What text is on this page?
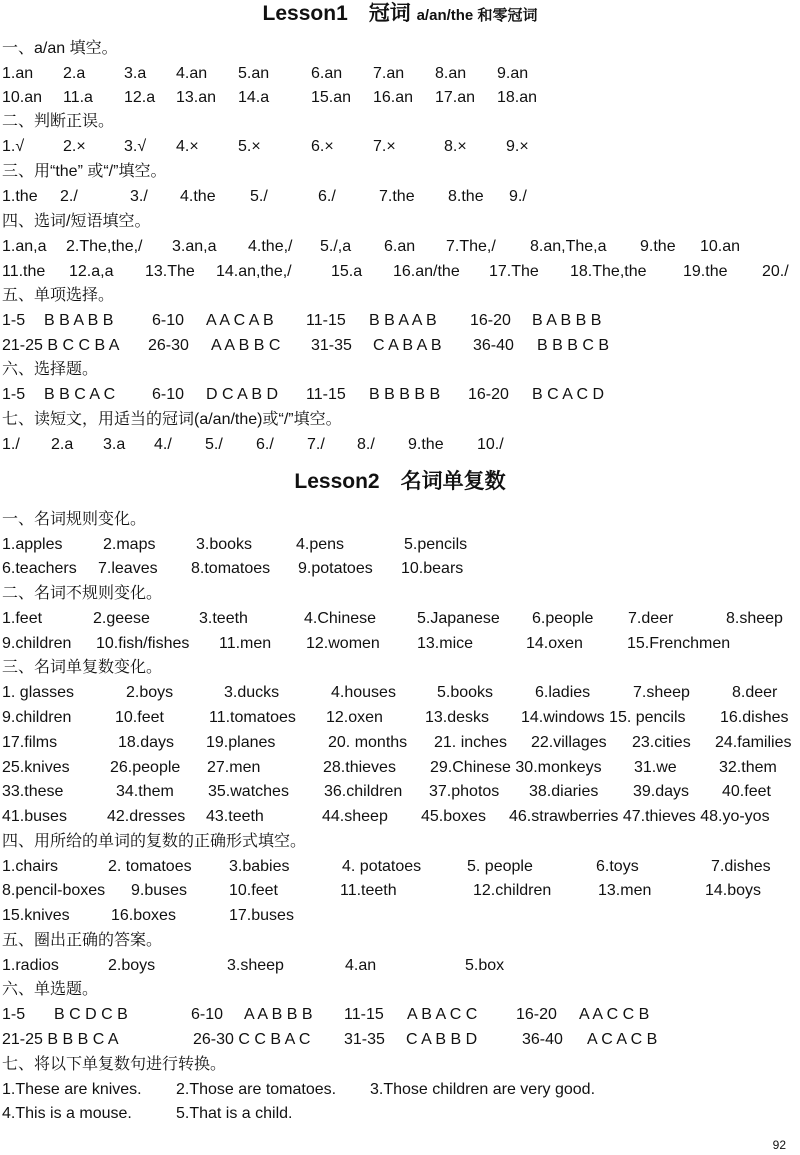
Lesson1　冠词 a/an/the 和零冠词
一、a/an 填空。
1.an 2.a 3.a 4.an 5.an	6.an 7.an 8.an 9.an
10.an 11.a 12.a 13.an 14.a	15.an 16.an 17.an 18.an
二、判断正误。
1.√ 2.× 3.√ 4.× 5.×	6.× 7.×	8.× 9.×
三、用“the” 或“/”填空。
1.the 2./	3./ 4.the 5./	6./	7.the 8.the 9./
四、选词/短语填空。
1.an,a 2.The,the,/ 3.an,a 4.the,/ 5./,a 6.an 7.The,/ 8.an,The,a 9.the 10.an
11.the 12.a,a 13.The 14.an,the,/ 15.a 16.an/the 17.The 18.The,the 19.the 20./
五、单项选择。
1-5 B B A B B 6-10 A A C A B 11-15 B B A A B 16-20 B A B B B
21-25 B C C B A 26-30 A A B B C 31-35 C A B A B 36-40 B B B C B
六、选择题。
1-5 B B C A C 6-10 D C A B D 11-15 B B B B B 16-20 B C A C D
七、读短文，用适当的冠词(a/an/the)或“/”填空。
1./ 2.a 3.a 4./ 5./ 6./ 7./ 8./ 9.the 10./
Lesson2　名词单复数
一、名词规则变化。
1.apples	2.maps	3.books	4.pens	5.pencils
6.teachers 7.leaves 8.tomatoes 9.potatoes 10.bears
二、名词不规则变化。
1.feet	2.geese	3.teeth	4.Chinese	5.Japanese 6.people 7.deer	8.sheep
9.children 10.fish/fishes 11.men 12.women 13.mice	14.oxen	15.Frenchmen
三、名词单复数变化。
1. glasses	2.boys	3.ducks	4.houses	5.books	6.ladies	7.sheep	8.deer
9.children	10.feet	11.tomatoes 12.oxen	13.desks 14.windows 15. pencils 16.dishes
17.films	18.days 19.planes	20. months 21. inches 22.villages 23.cities 24.families
25.knives	26.people 27.men	28.thieves 29.Chinese 30.monkeys 31.we	32.them
33.these	34.them 35.watches 36.children 37.photos 38.diaries 39.days 40.feet
41.buses	42.dresses 43.teeth	44.sheep 45.boxes 46.strawberries 47.thieves 48.yo-yos
四、用所给的单词的复数的正确形式填空。
1.chairs	2. tomatoes 3.babies	4. potatoes	5. people	6.toys	7.dishes
8.pencil-boxes 9.buses	10.feet	11.teeth	12.children	13.men	14.boys
15.knives	16.boxes	17.buses
五、圈出正确的答案。
1.radios	2.boys	3.sheep	4.an	5.box
六、单选题。
1-5 B C D C B	6-10 A A B B B 11-15 A B A C C 16-20 A A C C B
21-25 B B B C A	26-30 C C B A C 31-35 C A B B D	36-40 A C A C B
七、将以下单复数句进行转换。
1.These are knives. 2.Those are tomatoes. 3.Those children are very good.
4.This is a mouse.	5.That is a child.
92
